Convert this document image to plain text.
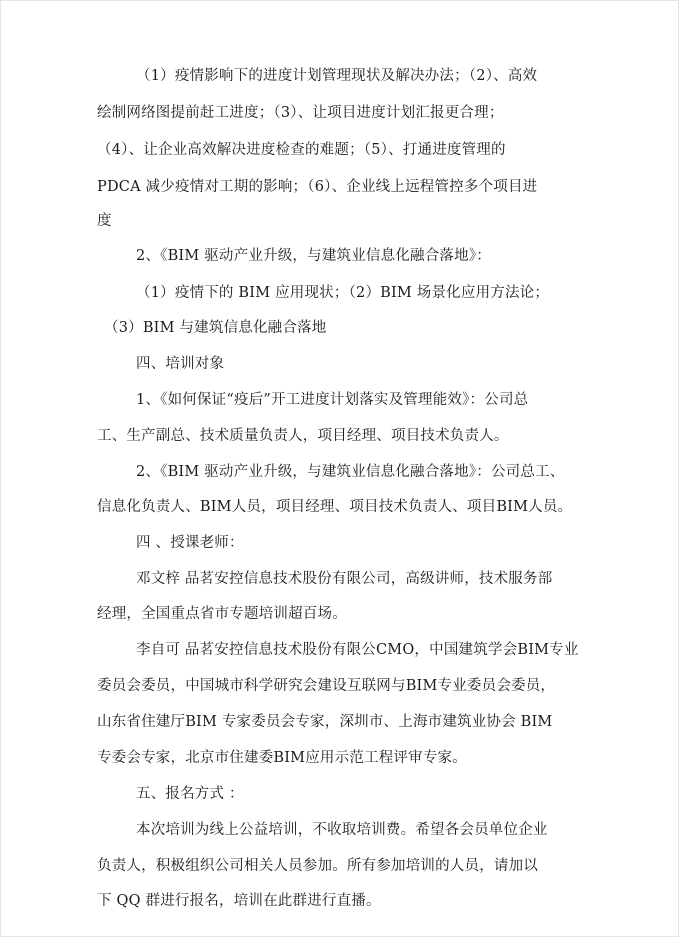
（1）疫情影响下的进度计划管理现状及解决办法；（2）、高效
绘制网络图提前赶工进度；（3）、让项目进度计划汇报更合理；
（4）、让企业高效解决进度检查的难题；（5）、打通进度管理的
PDCA 减少疫情对工期的影响；（6）、企业线上远程管控多个项目进
度
2、《BIM 驱动产业升级，与建筑业信息化融合落地》：
（1）疫情下的 BIM 应用现状；（2）BIM 场景化应用方法论；
（3）BIM 与建筑信息化融合落地
四、培训对象
1、《如何保证“疫后”开工进度计划落实及管理能效》：公司总
工、生产副总、技术质量负责人，项目经理、项目技术负责人。
2、《BIM 驱动产业升级，与建筑业信息化融合落地》：公司总工、
信息化负责人、BIM人员，项目经理、项目技术负责人、项目BIM人员。
四 、授课老师：
邓文梓 品茗安控信息技术股份有限公司，高级讲师，技术服务部
经理，全国重点省市专题培训超百场。
李自可 品茗安控信息技术股份有限公CMO，中国建筑学会BIM专业
委员会委员，中国城市科学研究会建设互联网与BIM专业委员会委员，
山东省住建厅BIM 专家委员会专家，深圳市、上海市建筑业协会 BIM
专委会专家，北京市住建委BIM应用示范工程评审专家。
五、报名方式 ：
本次培训为线上公益培训，不收取培训费。希望各会员单位企业
负责人，积极组织公司相关人员参加。所有参加培训的人员，请加以
下 QQ 群进行报名，培训在此群进行直播。
